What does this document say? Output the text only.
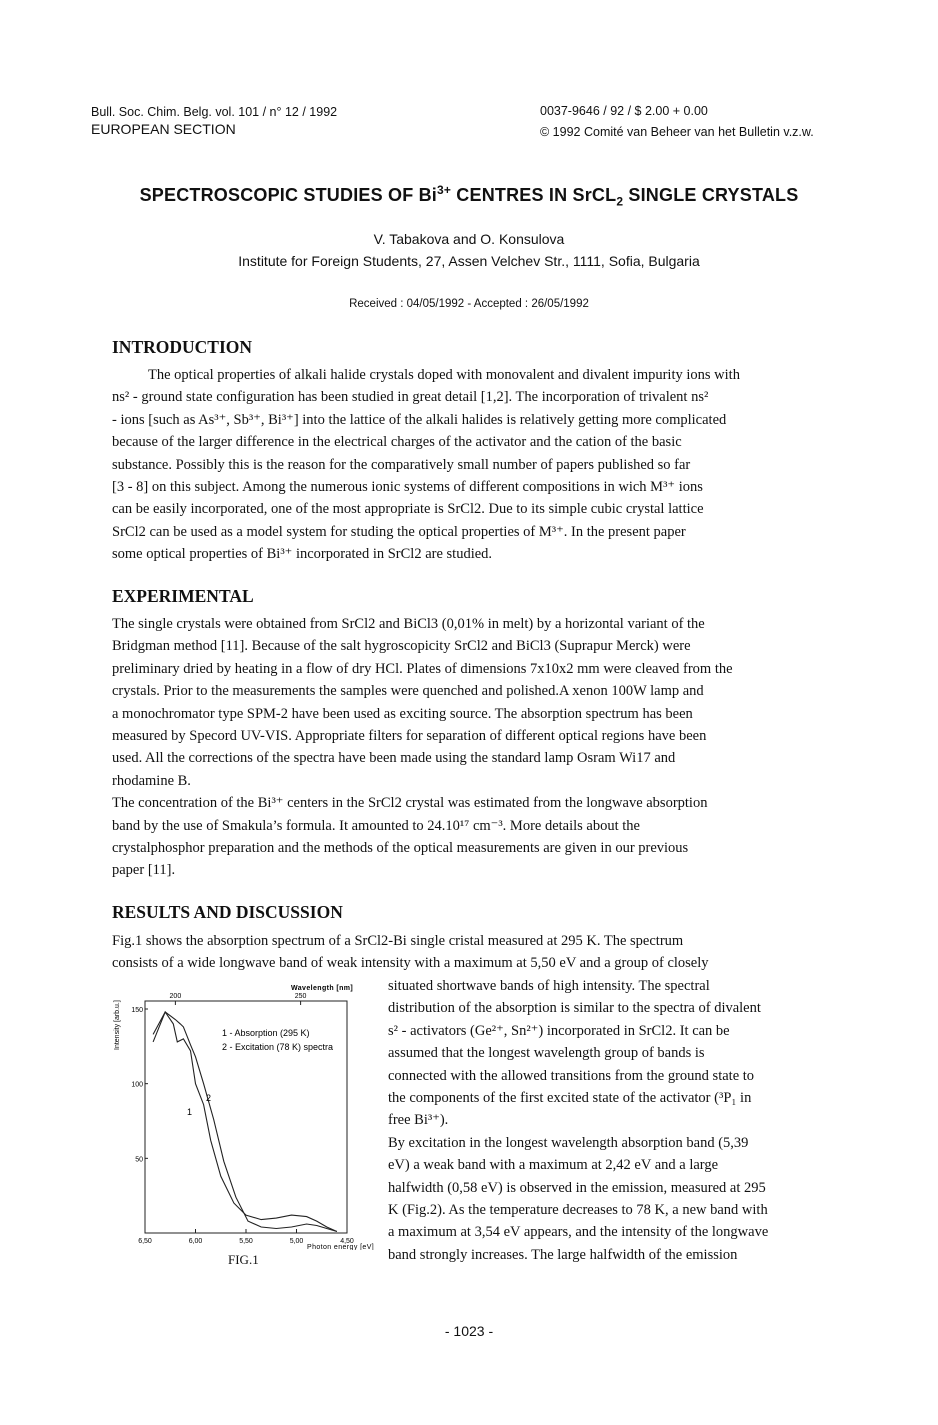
Bull. Soc. Chim. Belg. vol. 101 / n° 12 / 1992
EUROPEAN SECTION
0037-9646 / 92 / $ 2.00 + 0.00
© 1992 Comité van Beheer van het Bulletin v.z.w.
SPECTROSCOPIC STUDIES OF $Bi^{3+}$ CENTRES IN SrCL$_2$ SINGLE CRYSTALS
V. Tabakova and O. Konsulova
Institute for Foreign Students, 27, Assen Velchev Str., 1111, Sofia, Bulgaria
Received : 04/05/1992 - Accepted : 26/05/1992
INTRODUCTION

The optical properties of alkali halide crystals doped with monovalent and divalent impurity ions with

ns² - ground state configuration has been studied in great detail [1,2]. The incorporation of trivalent ns²

- ions [such as As³⁺, Sb³⁺, Bi³⁺] into the lattice of the alkali halides is relatively getting more complicated

because of the larger difference in the electrical charges of the activator and the cation of the basic

substance. Possibly this is the reason for the comparatively small number of papers published so far

[3 - 8] on this subject. Among the numerous ionic systems of different compositions in wich M³⁺ ions

can be easily incorporated, one of the most appropriate is SrCl2. Due to its simple cubic crystal lattice

SrCl2 can be used as a model system for studing the optical properties of M³⁺. In the present paper

some optical properties of Bi³⁺ incorporated in SrCl2 are studied.

EXPERIMENTAL

The single crystals were obtained from SrCl2 and BiCl3 (0,01% in melt) by a horizontal variant of the

Bridgman method [11]. Because of the salt hygroscopicity SrCl2 and BiCl3 (Suprapur Merck) were

preliminary dried by heating in a flow of dry HCl. Plates of dimensions 7x10x2 mm were cleaved from the

crystals. Prior to the measurements the samples were quenched and polished.A xenon 100W lamp and

a monochromator type SPM-2 have been used as exciting source. The absorption spectrum has been

measured by Specord UV-VIS. Appropriate filters for separation of different optical regions have been

used. All the corrections of the spectra have been made using the standard lamp Osram Wi17 and

rhodamine B.

The concentration of the Bi³⁺ centers in the SrCl2 crystal was estimated from the longwave absorption

band by the use of Smakula’s formula. It amounted to 24.10¹⁷ cm⁻³. More details about the

crystalphosphor preparation and the methods of the optical measurements are given in our previous

paper [11].

RESULTS AND DISCUSSION

Fig.1 shows the absorption spectrum of a SrCl2-Bi single cristal measured at 295 K. The spectrum

consists of a wide longwave band of weak intensity with a maximum at 5,50 eV and a group of closely

situated shortwave bands of high intensity. The spectral

distribution of the absorption is similar to the spectra of divalent

s² - activators (Ge²⁺, Sn²⁺) incorporated in SrCl2. It can be

assumed that the longest wavelength group of bands is

connected with the allowed transitions from the ground state to

the components of the first excited state of the activator (³P₁ in

free Bi³⁺).

By excitation in the longest wavelength absorption band (5,39

eV) a weak band with a maximum at 2,42 eV and a large

halfwidth (0,58 eV) is observed in the emission, measured at 295

K (Fig.2). As the temperature decreases to 78 K, a new band with

a maximum at 3,54 eV appears, and the intensity of the longwave

band strongly increases. The large halfwidth of the emission

6,50	6,00	5,50	5,00	4,50
200	250
50
100
150
Wavelength [nm]
Photon energy [eV]
Intensity [arb.u.]	1 - Absorption (295 K)
2 - Excitation (78 K) spectra
1
2
FIG.1
- 1023 -
